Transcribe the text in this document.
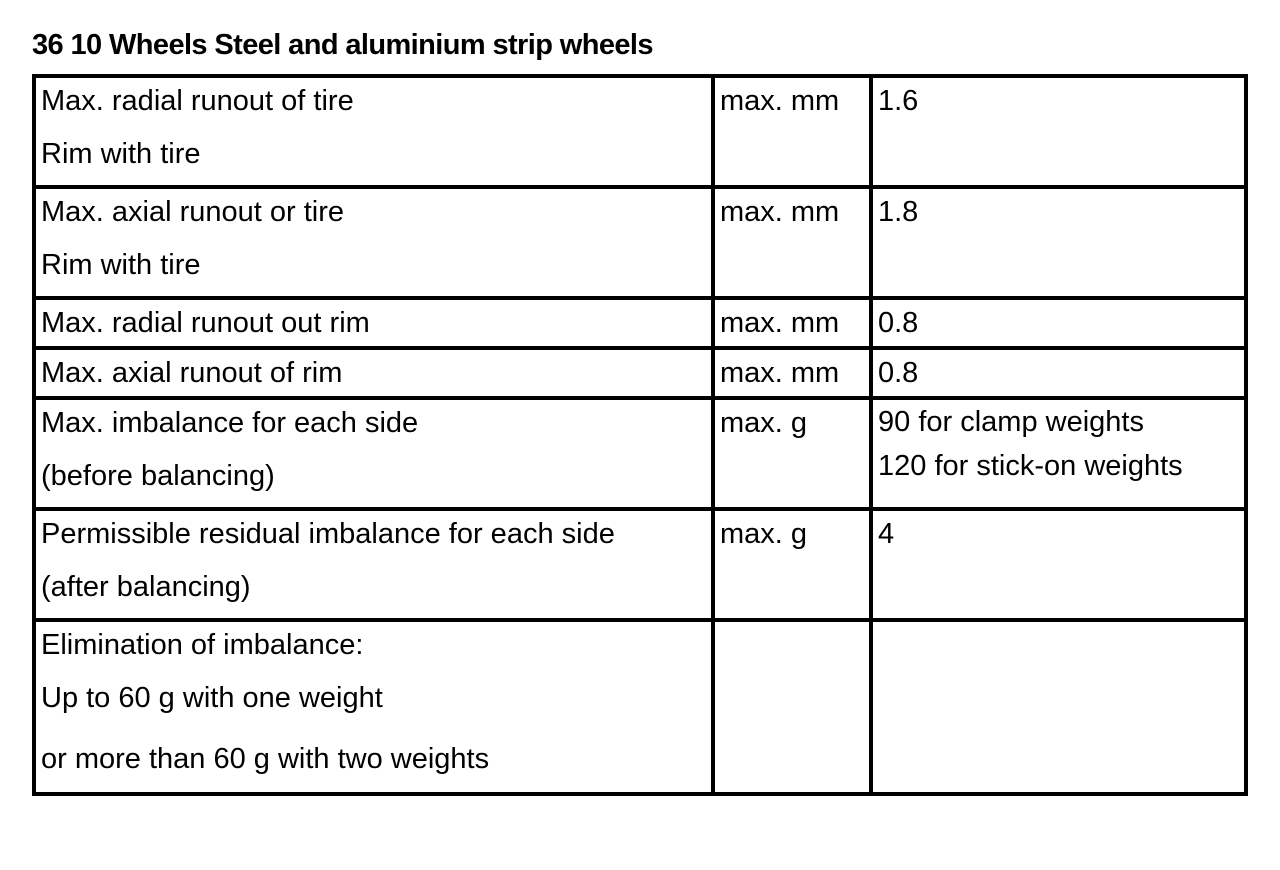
36 10 Wheels Steel and aluminium strip wheels
Max. radial runout of tire
Rim with tire	max. mm	1.6

Max. axial runout or tire
Rim with tire	max. mm	1.8

Max. radial runout out rim	max. mm	0.8

Max. axial runout of rim	max. mm	0.8

Max. imbalance for each side
(before balancing)	max. g	90 for clamp weights
120 for stick-on weights

Permissible residual imbalance for each side
(after balancing)	max. g	4

Elimination of imbalance:
Up to 60 g with one weight
or more than 60 g with two weights		
